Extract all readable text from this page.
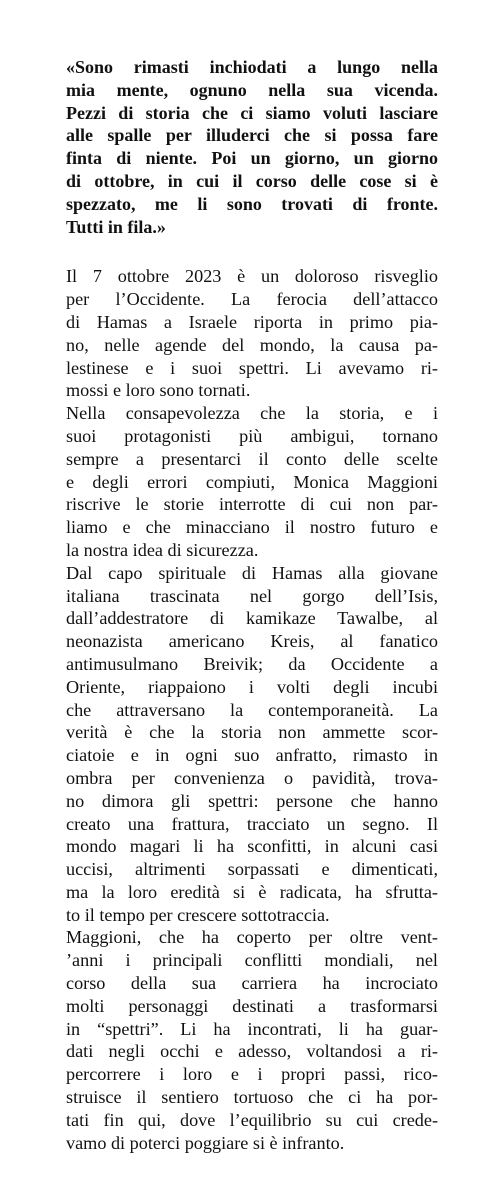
«Sono rimasti inchiodati a lungo nella
mia mente, ognuno nella sua vicenda.
Pezzi di storia che ci siamo voluti lasciare
alle spalle per illuderci che si possa fare
finta di niente. Poi un giorno, un giorno
di ottobre, in cui il corso delle cose si è
spezzato, me li sono trovati di fronte.
Tutti in fila.»
Il 7 ottobre 2023 è un doloroso risveglio
per l’Occidente. La ferocia dell’attacco
di Hamas a Israele riporta in primo pia-
no, nelle agende del mondo, la causa pa-
lestinese e i suoi spettri. Li avevamo ri-
mossi e loro sono tornati.
Nella consapevolezza che la storia, e i
suoi protagonisti più ambigui, tornano
sempre a presentarci il conto delle scelte
e degli errori compiuti, Monica Maggioni
riscrive le storie interrotte di cui non par-
liamo e che minacciano il nostro futuro e
la nostra idea di sicurezza.
Dal capo spirituale di Hamas alla giovane
italiana trascinata nel gorgo dell’Isis,
dall’addestratore di kamikaze Tawalbe, al
neonazista americano Kreis, al fanatico
antimusulmano Breivik; da Occidente a
Oriente, riappaiono i volti degli incubi
che attraversano la contemporaneità. La
verità è che la storia non ammette scor-
ciatoie e in ogni suo anfratto, rimasto in
ombra per convenienza o pavidità, trova-
no dimora gli spettri: persone che hanno
creato una frattura, tracciato un segno. Il
mondo magari li ha sconfitti, in alcuni casi
uccisi, altrimenti sorpassati e dimenticati,
ma la loro eredità si è radicata, ha sfrutta-
to il tempo per crescere sottotraccia.
Maggioni, che ha coperto per oltre vent-
’anni i principali conflitti mondiali, nel
corso della sua carriera ha incrociato
molti personaggi destinati a trasformarsi
in “spettri”. Li ha incontrati, li ha guar-
dati negli occhi e adesso, voltandosi a ri-
percorrere i loro e i propri passi, rico-
struisce il sentiero tortuoso che ci ha por-
tati fin qui, dove l’equilibrio su cui crede-
vamo di poterci poggiare si è infranto.
